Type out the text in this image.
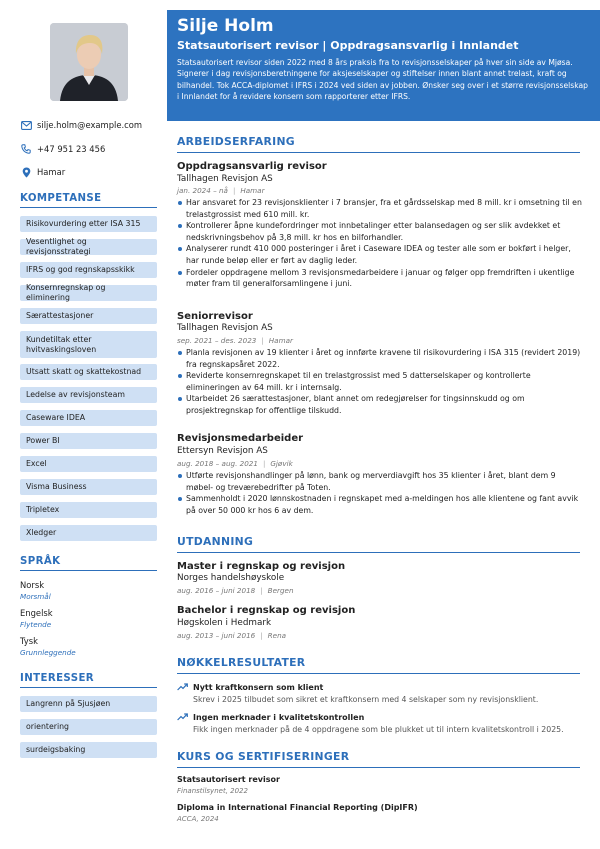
silje.holm@example.com
+47 951 23 456
Hamar
KOMPETANSE
Risikovurdering etter ISA 315
Vesentlighet og revisjonsstrategi
IFRS og god regnskapsskikk
Konsernregnskap og eliminering
Særattestasjoner
Kundetiltak etter hvitvaskingsloven
Utsatt skatt og skattekostnad
Ledelse av revisjonsteam
Caseware IDEA
Power BI
Excel
Visma Business
Tripletex
Xledger
SPRÅK
Norsk
Morsmål
Engelsk
Flytende
Tysk
Grunnleggende
INTERESSER
Langrenn på Sjusjøen
orientering
surdeigsbaking
Silje Holm
Statsautorisert revisor | Oppdragsansvarlig i Innlandet
Statsautorisert revisor siden 2022 med 8 års praksis fra to revisjonsselskaper på hver sin side av Mjøsa. Signerer i dag revisjonsberetningene for aksjeselskaper og stiftelser innen blant annet trelast, kraft og bilhandel. Tok ACCA-diplomet i IFRS i 2024 ved siden av jobben. Ønsker seg over i et større revisjonsselskap i Innlandet for å revidere konsern som rapporterer etter IFRS.
ARBEIDSERFARING
Oppdragsansvarlig revisor
Tallhagen Revisjon AS
jan. 2024 – nå | Hamar
Har ansvaret for 23 revisjonsklienter i 7 bransjer, fra et gårdsselskap med 8 mill. kr i omsetning til en trelastgrossist med 610 mill. kr.
Kontrollerer åpne kundefordringer mot innbetalinger etter balansedagen og ser slik avdekket et nedskrivningsbehov på 3,8 mill. kr hos en bilforhandler.
Analyserer rundt 410 000 posteringer i året i Caseware IDEA og tester alle som er bokført i helger, har runde beløp eller er ført av daglig leder.
Fordeler oppdragene mellom 3 revisjonsmedarbeidere i januar og følger opp fremdriften i ukentlige møter fram til generalforsamlingene i juni.
Seniorrevisor
Tallhagen Revisjon AS
sep. 2021 – des. 2023 | Hamar
Planla revisjonen av 19 klienter i året og innførte kravene til risikovurdering i ISA 315 (revidert 2019) fra regnskapsåret 2022.
Reviderte konsernregnskapet til en trelastgrossist med 5 datterselskaper og kontrollerte elimineringen av 64 mill. kr i internsalg.
Utarbeidet 26 særattestasjoner, blant annet om redegjørelser for tingsinnskudd og om prosjektregnskap for offentlige tilskudd.
Revisjonsmedarbeider
Ettersyn Revisjon AS
aug. 2018 – aug. 2021 | Gjøvik
Utførte revisjonshandlinger på lønn, bank og merverdiavgift hos 35 klienter i året, blant dem 9 møbel- og treværebedrifter på Toten.
Sammenholdt i 2020 lønnskostnaden i regnskapet med a-meldingen hos alle klientene og fant avvik på over 50 000 kr hos 6 av dem.
UTDANNING
Master i regnskap og revisjon
Norges handelshøyskole
aug. 2016 – juni 2018 | Bergen
Bachelor i regnskap og revisjon
Høgskolen i Hedmark
aug. 2013 – juni 2016 | Rena
NØKKELRESULTATER
Nytt kraftkonsern som klient
Skrev i 2025 tilbudet som sikret et kraftkonsern med 4 selskaper som ny revisjonsklient.
Ingen merknader i kvalitetskontrollen
Fikk ingen merknader på de 4 oppdragene som ble plukket ut til intern kvalitetskontroll i 2025.
KURS OG SERTIFISERINGER
Statsautorisert revisor
Finanstilsynet, 2022
Diploma in International Financial Reporting (DipIFR)
ACCA, 2024
